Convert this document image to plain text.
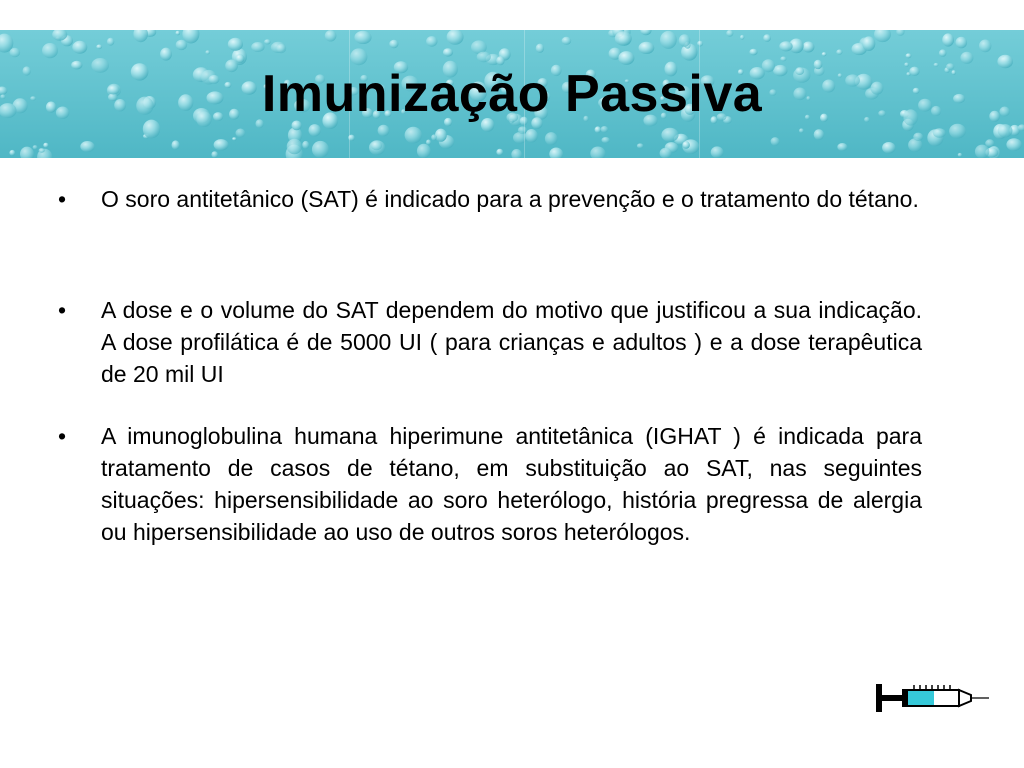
Imunização Passiva
•	O soro antitetânico (SAT) é indicado para a prevenção e o tratamento do tétano.
•	A dose e o volume do SAT dependem do motivo que justificou a sua indicação. A dose profilática é de 5000 UI ( para crianças e adultos ) e a dose terapêutica de 20 mil UI
•	A imunoglobulina humana hiperimune antitetânica (IGHAT ) é indicada para tratamento de casos de tétano, em substituição ao SAT, nas seguintes situações: hipersensibilidade ao soro heterólogo, história pregressa de alergia ou hipersensibilidade ao uso de outros soros heterólogos.
